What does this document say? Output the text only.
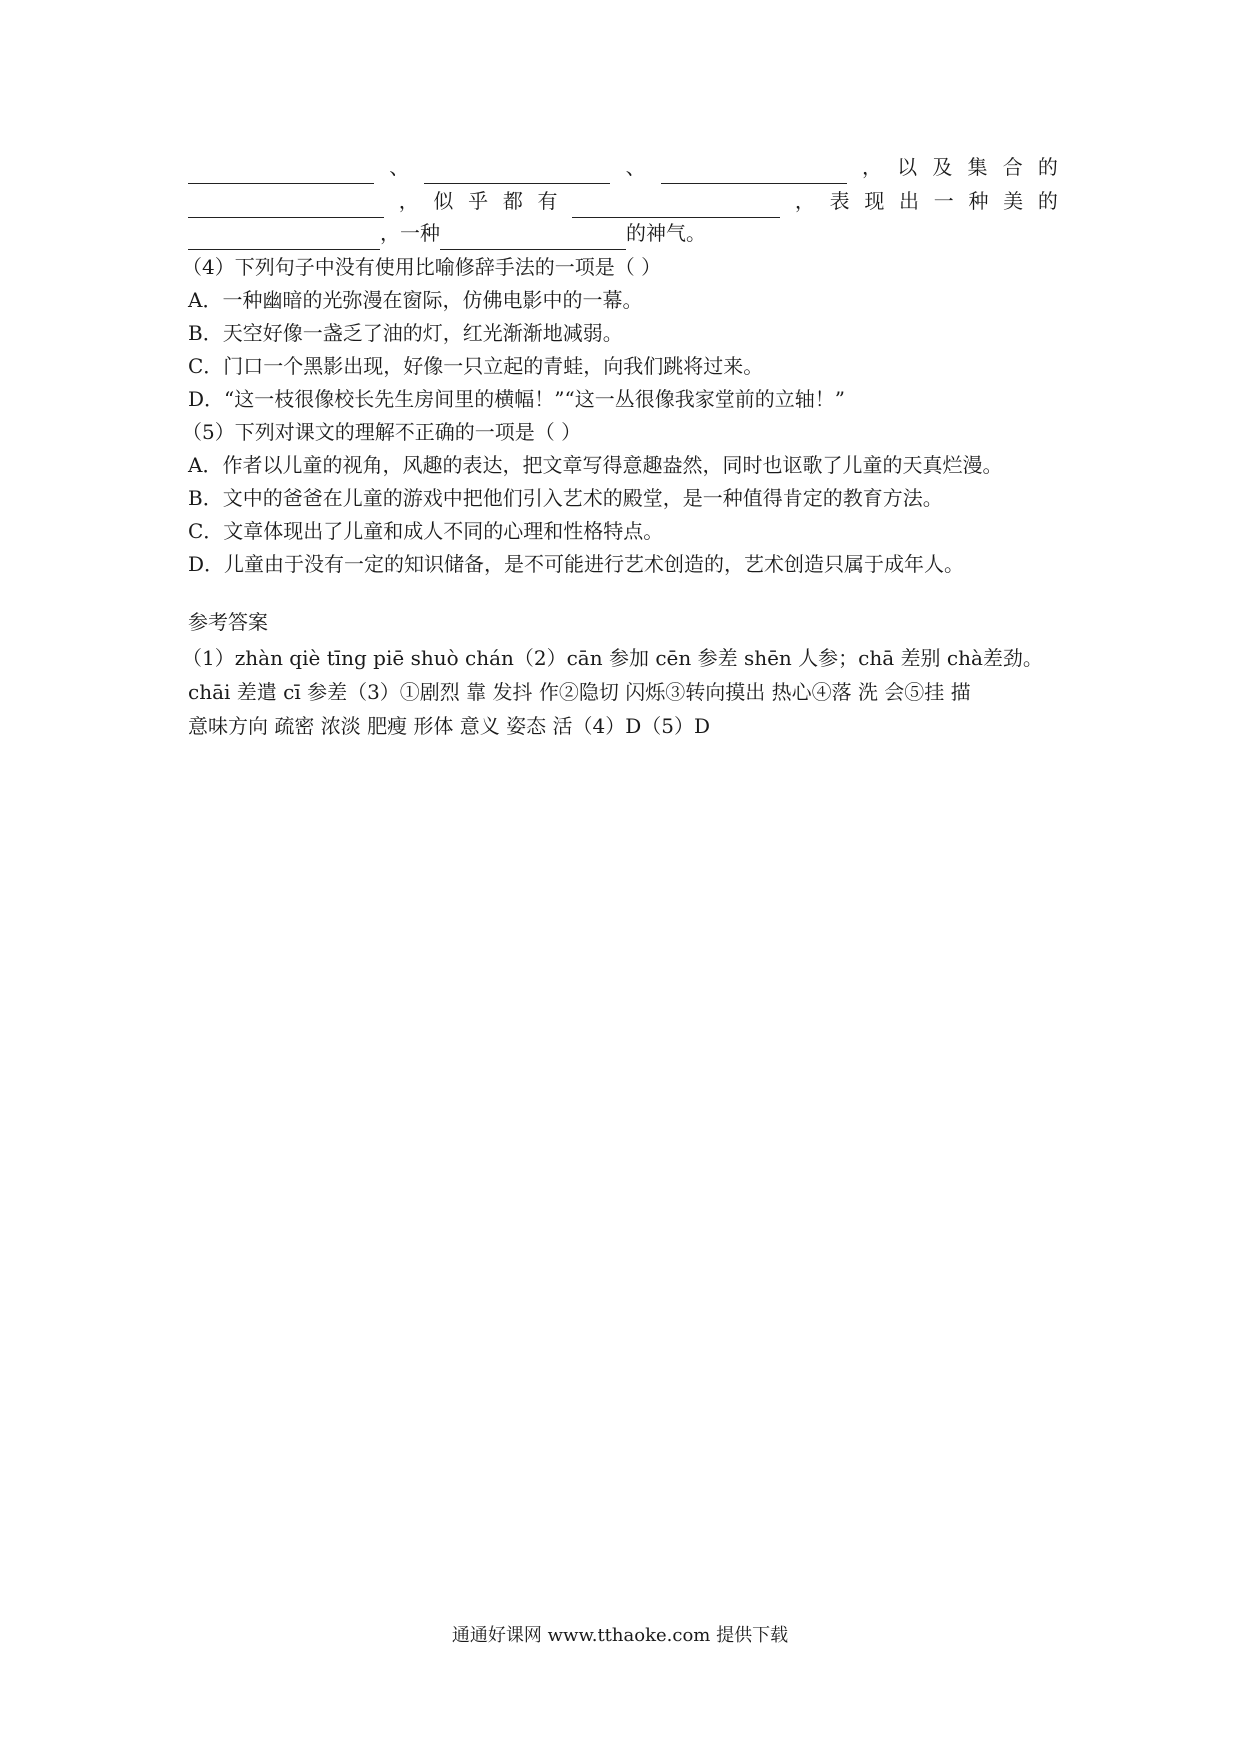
、	、	， 以 及 集 合 的
， 似 乎 都 有	， 表 现 出 一 种 美 的
，一种	的神气。
（4）下列句子中没有使用比喻修辞手法的一项是（ ）
A．一种幽暗的光弥漫在窗际，仿佛电影中的一幕。
B．天空好像一盏乏了油的灯，红光渐渐地减弱。
C．门口一个黑影出现，好像一只立起的青蛙，向我们跳将过来。
D．“这一枝很像校长先生房间里的横幅！”“这一丛很像我家堂前的立轴！”
（5）下列对课文的理解不正确的一项是（ ）
A．作者以儿童的视角，风趣的表达，把文章写得意趣盎然，同时也讴歌了儿童的天真烂漫。
B．文中的爸爸在儿童的游戏中把他们引入艺术的殿堂，是一种值得肯定的教育方法。
C．文章体现出了儿童和成人不同的心理和性格特点。
D．儿童由于没有一定的知识储备，是不可能进行艺术创造的，艺术创造只属于成年人。
参考答案
（1）zhàn qiè tīng piē shuò chán（2）cān 参加 cēn 参差 shēn 人参；chā 差别 chà差劲。
chāi 差遣 cī 参差（3）①剧烈 靠 发抖 作②隐切 闪烁③转向摸出 热心④落 洗 会⑤挂 描
意味方向 疏密 浓淡 肥瘦 形体 意义 姿态 活（4）D（5）D
通通好课网 www.tthaoke.com 提供下载
